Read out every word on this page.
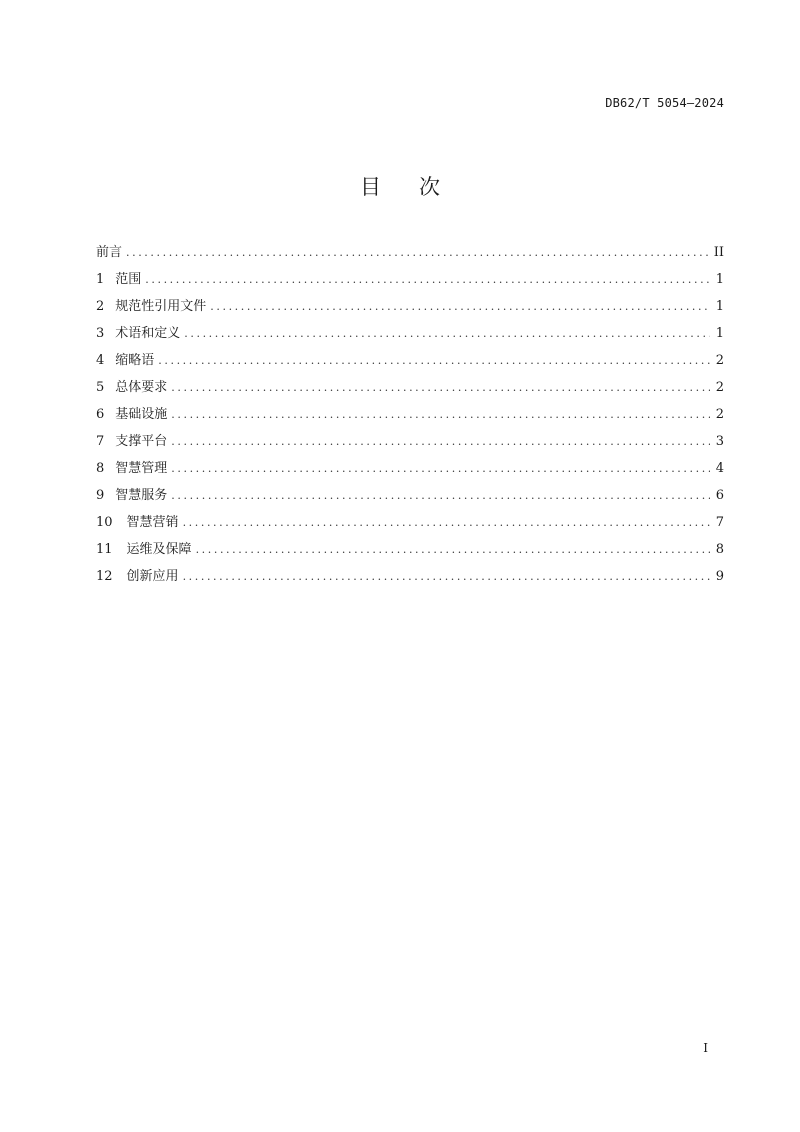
DB62/T 5054—2024
目 次
前言 .....	II
1 范围 .....	1
2 规范性引用文件 .....	1
3 术语和定义 .....	1
4 缩略语 .....	2
5 总体要求 .....	2
6 基础设施 .....	2
7 支撑平台 .....	3
8 智慧管理 .....	4
9 智慧服务 .....	6
10 智慧营销 .....	7
11 运维及保障 .....	8
12 创新应用 .....	9
I
